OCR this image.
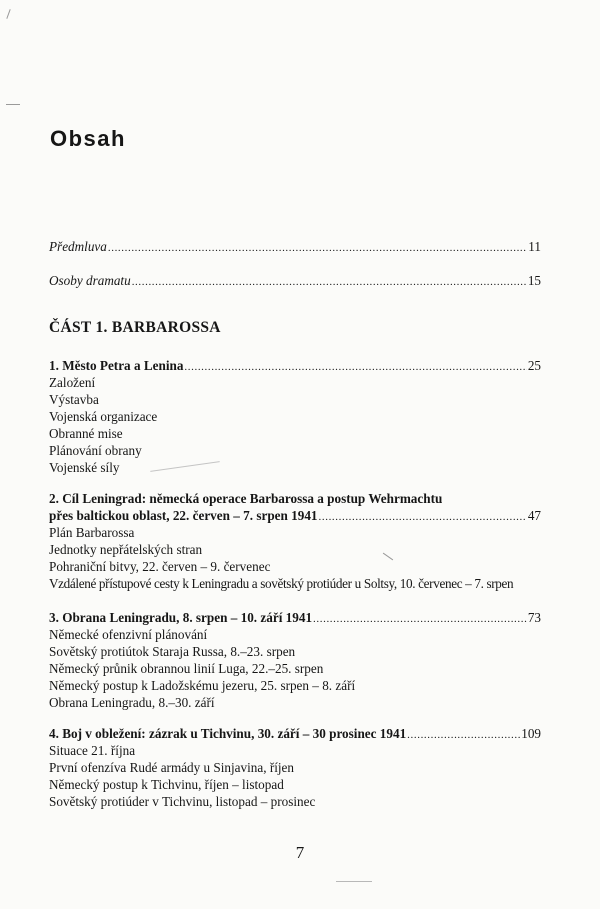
Obsah
Předmluva .....	11
Osoby dramatu .....	15
ČÁST 1. BARBAROSSA
1. Město Petra a Lenina .....	25
Založení
Výstavba
Vojenská organizace
Obranné mise
Plánování obrany
Vojenské síly
2. Cíl Leningrad: německá operace Barbarossa a postup Wehrmachtu
přes baltickou oblast, 22. červen – 7. srpen 1941 .....	47
Plán Barbarossa
Jednotky nepřátelských stran
Pohraniční bitvy, 22. červen – 9. červenec
Vzdálené přístupové cesty k Leningradu a sovětský protiúder u Soltsy, 10. červenec – 7. srpen
3. Obrana Leningradu, 8. srpen – 10. září 1941 .....	73
Německé ofenzivní plánování
Sovětský protiútok Staraja Russa, 8.–23. srpen
Německý průnik obrannou linií Luga, 22.–25. srpen
Německý postup k Ladožskému jezeru, 25. srpen – 8. září
Obrana Leningradu, 8.–30. září
4. Boj v obležení: zázrak u Tichvinu, 30. září – 30 prosinec 1941 .....	109
Situace 21. října
První ofenzíva Rudé armády u Sinjavina, říjen
Německý postup k Tichvinu, říjen – listopad
Sovětský protiúder v Tichvinu, listopad – prosinec
7
